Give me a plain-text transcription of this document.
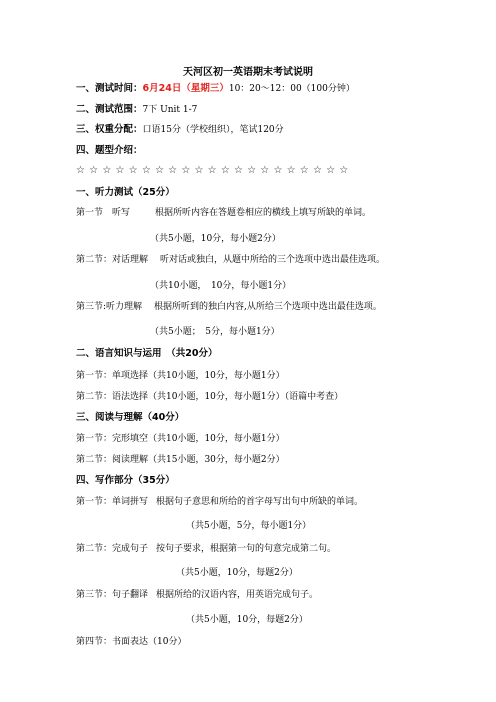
天河区初一英语期末考试说明
一、测试时间：6月24日（星期三）10：20～12：00（100分钟）
二、测试范围：7下 Unit 1-7
三、权重分配：口语15分（学校组织），笔试120分
四、题型介绍：
☆☆☆☆☆☆☆☆☆☆☆☆☆☆☆☆☆☆☆☆☆
一、听力测试（25分）
第一节　听写	根据所听内容在答题卷相应的横线上填写所缺的单词。
（共5小题，10分，每小题2分）
第二节：对话理解 听对话或独白，从题中所给的三个选项中选出最佳选项。
（共10小题，　10分，每小题1分）
第三节:听力理解 根据所听到的独白内容,从所给三个选项中选出最佳选项。
（共5小题；　5分，每小题1分）
二、语言知识与运用　（共20分）
第一节：单项选择（共10小题，10分，每小题1分）
第二节：语法选择（共10小题，10分，每小题1分）（语篇中考查）
三、阅读与理解（40分）
第一节：完形填空（共10小题，10分，每小题1分）
第二节：阅读理解（共15小题，30分，每小题2分）
四、写作部分（35分）
第一节：单词拼写 根据句子意思和所给的首字母写出句中所缺的单词。
（共5小题，5分，每小题1分）
第二节：完成句子 按句子要求，根据第一句的句意完成第二句。
（共5小题，10分，每题2分）
第三节：句子翻译 根据所给的汉语内容，用英语完成句子。
（共5小题，10分，每题2分）
第四节：书面表达（10分）
